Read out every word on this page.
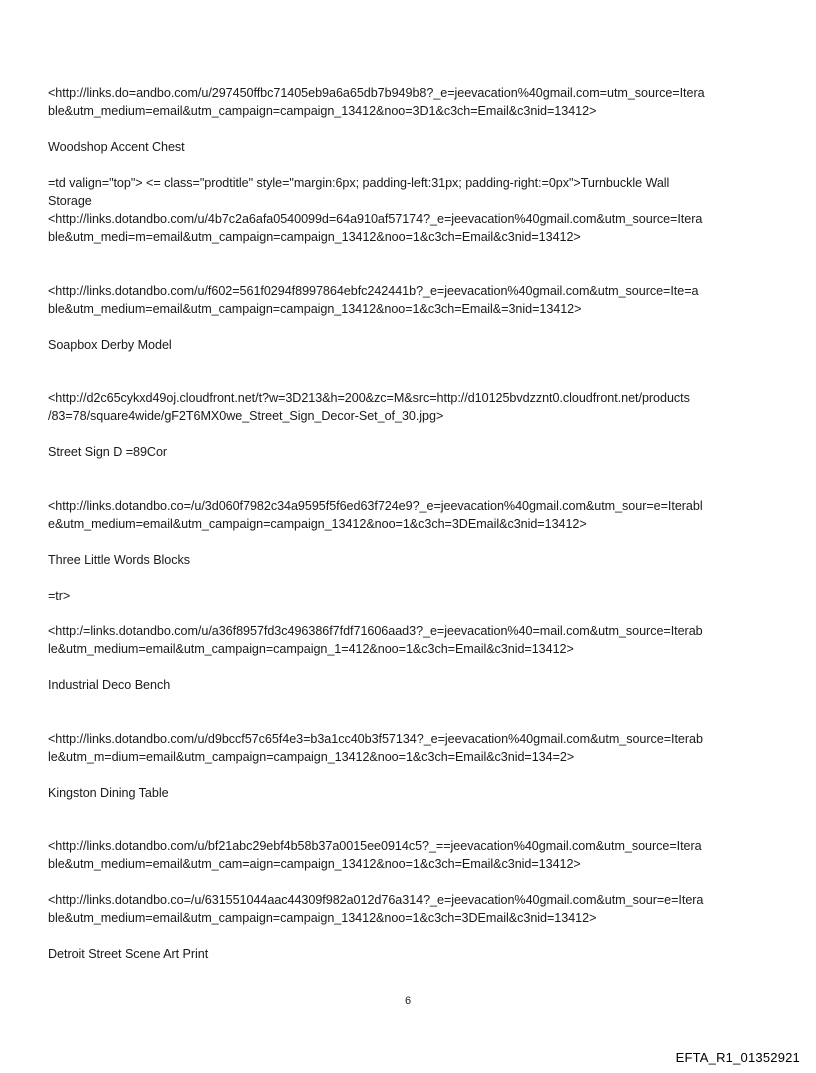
<http://links.do=andbo.com/u/297450ffbc71405eb9a6a65db7b949b8?_e=jeevacation%40gmail.com=utm_source=Itera
ble&utm_medium=email&utm_campaign=campaign_13412&noo=3D1&c3ch=Email&c3nid=13412>
Woodshop Accent Chest
=td valign="top"> <= class="prodtitle" style="margin:6px; padding-left:31px; padding-right:=0px">Turnbuckle Wall
Storage
<http://links.dotandbo.com/u/4b7c2a6afa0540099d=64a910af57174?_e=jeevacation%40gmail.com&utm_source=Itera
ble&utm_medi=m=email&utm_campaign=campaign_13412&noo=1&c3ch=Email&c3nid=13412>
<http://links.dotandbo.com/u/f602=561f0294f8997864ebfc242441b?_e=jeevacation%40gmail.com&utm_source=Ite=a
ble&utm_medium=email&utm_campaign=campaign_13412&noo=1&c3ch=Email&=3nid=13412>
Soapbox Derby Model
<http://d2c65cykxd49oj.cloudfront.net/t?w=3D213&h=200&zc=M&src=http://d10125bvdzznt0.cloudfront.net/products
/83=78/square4wide/gF2T6MX0we_Street_Sign_Decor-Set_of_30.jpg>
Street Sign D =89Cor
<http://links.dotandbo.co=/u/3d060f7982c34a9595f5f6ed63f724e9?_e=jeevacation%40gmail.com&utm_sour=e=Iterabl
e&utm_medium=email&utm_campaign=campaign_13412&noo=1&c3ch=3DEmail&c3nid=13412>
Three Little Words Blocks
=tr>
<http:/=links.dotandbo.com/u/a36f8957fd3c496386f7fdf71606aad3?_e=jeevacation%40=mail.com&utm_source=Iterab
le&utm_medium=email&utm_campaign=campaign_1=412&noo=1&c3ch=Email&c3nid=13412>
Industrial Deco Bench
<http://links.dotandbo.com/u/d9bccf57c65f4e3=b3a1cc40b3f57134?_e=jeevacation%40gmail.com&utm_source=Iterab
le&utm_m=dium=email&utm_campaign=campaign_13412&noo=1&c3ch=Email&c3nid=134=2>
Kingston Dining Table
<http://links.dotandbo.com/u/bf21abc29ebf4b58b37a0015ee0914c5?_==jeevacation%40gmail.com&utm_source=Itera
ble&utm_medium=email&utm_cam=aign=campaign_13412&noo=1&c3ch=Email&c3nid=13412>
<http://links.dotandbo.co=/u/631551044aac44309f982a012d76a314?_e=jeevacation%40gmail.com&utm_sour=e=Itera
ble&utm_medium=email&utm_campaign=campaign_13412&noo=1&c3ch=3DEmail&c3nid=13412>
Detroit Street Scene Art Print
6
EFTA_R1_01352921
